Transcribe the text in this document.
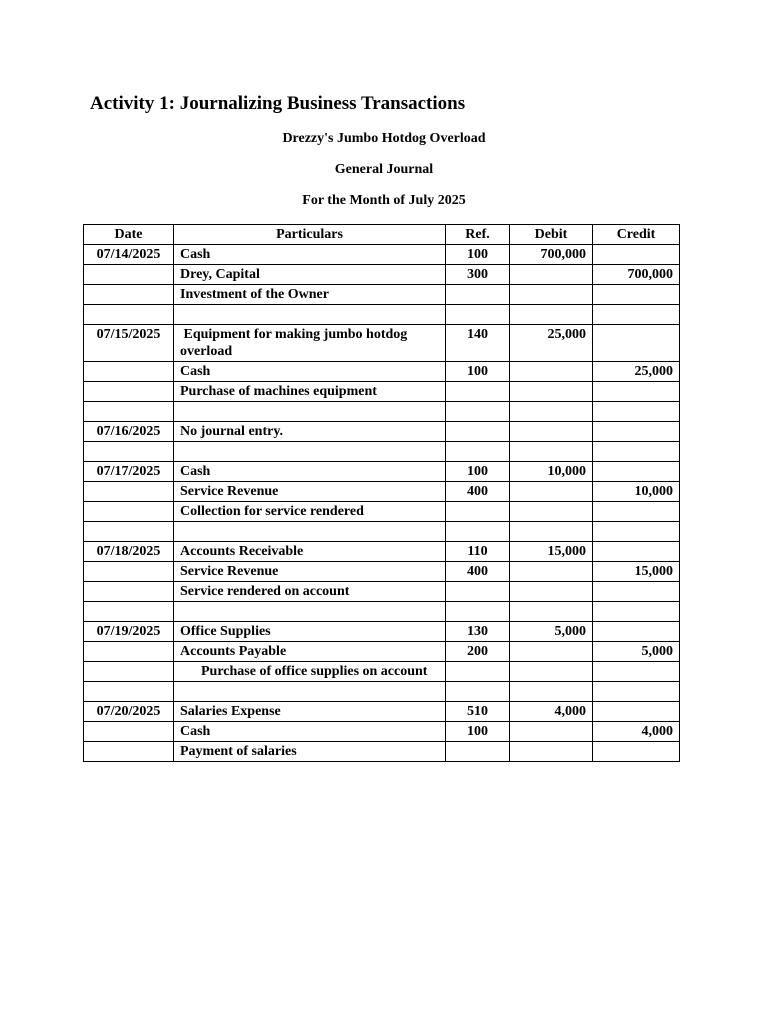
Activity 1: Journalizing Business Transactions

Drezzy's Jumbo Hotdog Overload

General Journal

For the Month of July 2025

Date	Particulars	Ref.	Debit	Credit
07/14/2025	Cash	100	700,000	
	Drey, Capital	300		700,000
	Investment of the Owner			

07/15/2025	Equipment for making jumbo hotdog overload	140	25,000	
	Cash	100		25,000
	Purchase of machines equipment			

07/16/2025	No journal entry.			

07/17/2025	Cash	100	10,000	
	Service Revenue	400		10,000
	Collection for service rendered			

07/18/2025	Accounts Receivable	110	15,000	
	Service Revenue	400		15,000
	Service rendered on account			

07/19/2025	Office Supplies	130	5,000	
	Accounts Payable	200		5,000
	Purchase of office supplies on account			

07/20/2025	Salaries Expense	510	4,000	
	Cash	100		4,000
	Payment of salaries			
